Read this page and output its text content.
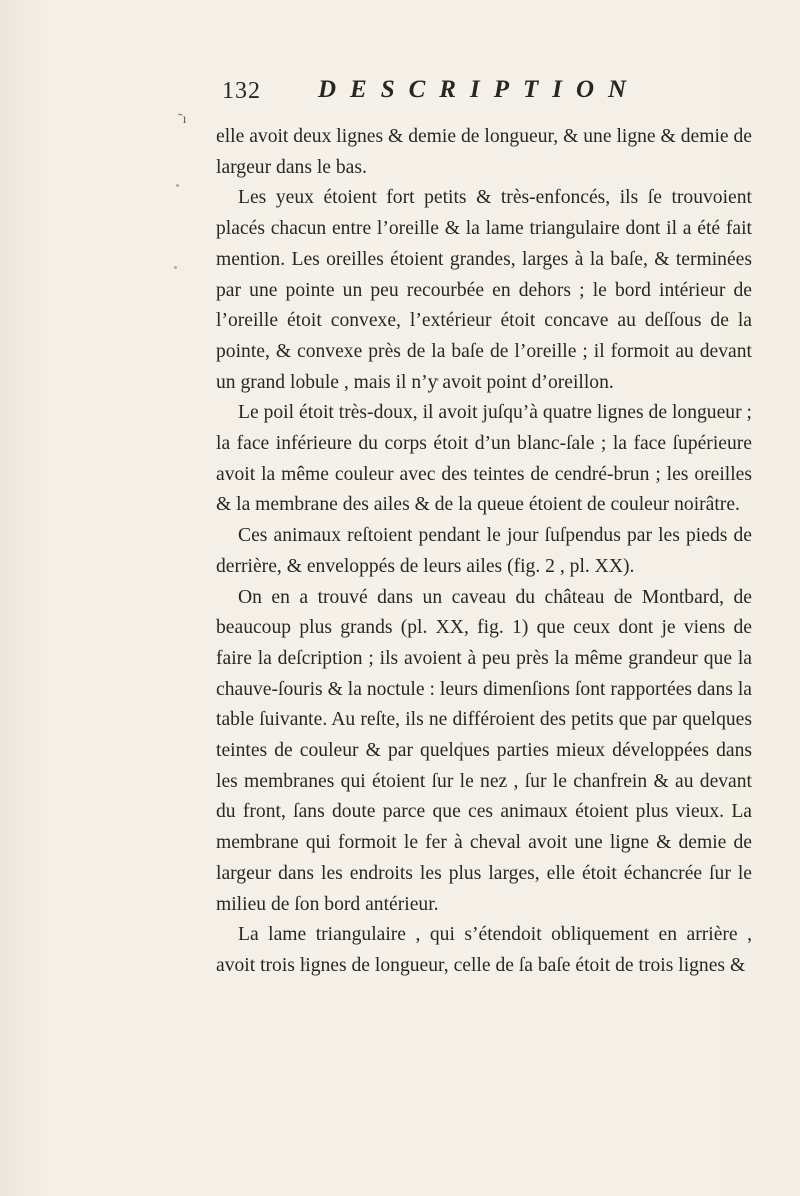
132 DESCRIPTION
˜ı

elle avoit deux lignes & demie de longueur, & une ligne & demie de largeur dans le bas.

Les yeux étoient fort petits & très-enfoncés, ils ſe trouvoient placés chacun entre l’oreille & la lame triangulaire dont il a été fait mention. Les oreilles étoient grandes, larges à la baſe, & terminées par une pointe un peu recourbée en dehors ; le bord intérieur de l’oreille étoit convexe, l’extérieur étoit concave au deſſous de la pointe, & convexe près de la baſe de l’oreille ; il formoit au devant un grand lobule , mais il n’y avoit point d’oreillon.

Le poil étoit très-doux, il avoit juſqu’à quatre lignes de longueur ; la face inférieure du corps étoit d’un blanc-ſale ; la face ſupérieure avoit la même couleur avec des teintes de cendré-brun ; les oreilles & la membrane des ailes & de la queue étoient de couleur noirâtre.

Ces animaux reſtoient pendant le jour ſuſpendus par les pieds de derrière, & enveloppés de leurs ailes (fig. 2 , pl. XX).

On en a trouvé dans un caveau du château de Montbard, de beaucoup plus grands (pl. XX, fig. 1) que ceux dont je viens de faire la deſcription ; ils avoient à peu près la même grandeur que la chauve-ſouris & la noctule : leurs dimenſions ſont rapportées dans la table ſuivante. Au reſte, ils ne différoient des petits que par quelques teintes de couleur & par quelques parties mieux développées dans les membranes qui étoient ſur le nez , ſur le chanfrein & au devant du front, ſans doute parce que ces animaux étoient plus vieux. La membrane qui formoit le fer à cheval avoit une ligne & demie de largeur dans les endroits les plus larges, elle étoit échancrée ſur le milieu de ſon bord antérieur.

La lame triangulaire , qui s’étendoit obliquement en arrière , avoit trois lignes de longueur, celle de ſa baſe étoit de trois lignes &
